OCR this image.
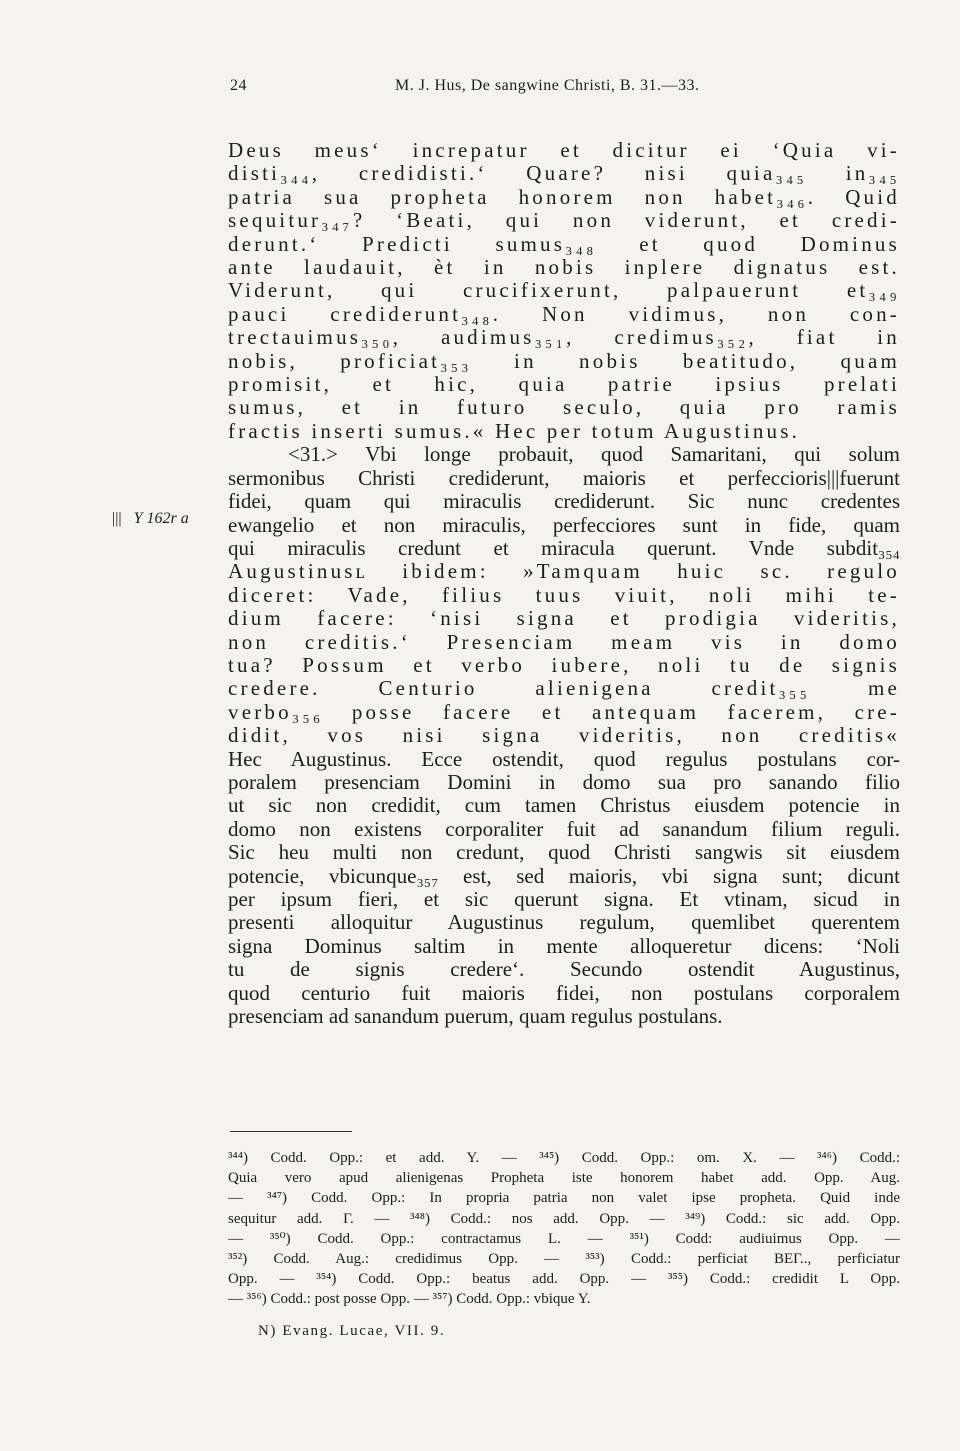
24	M. J. Hus, De sangwine Christi, B. 31.—33.
||| Y 162r a
Deus meus‘ increpatur et dicitur ei ‘Quia vi-
disti₃₄₄, credidisti.‘ Quare? nisi quia₃₄₅ in₃₄₅
patria sua propheta honorem non habet₃₄₆. Quid
sequitur₃₄₇? ‘Beati, qui non viderunt, et credi-
derunt.‘ Predicti sumus₃₄₈ et quod Dominus
ante laudauit, èt in nobis inplere dignatus est.
Viderunt, qui crucifixerunt, palpauerunt et₃₄₉
pauci crediderunt₃₄₈. Non vidimus, non con-
trectauimus₃₅₀, audimus₃₅₁, credimus₃₅₂, fiat in
nobis, proficiat₃₅₃ in nobis beatitudo, quam
promisit, et hic, quia patrie ipsius prelati
sumus, et in futuro seculo, quia pro ramis
fractis inserti sumus.« Hec per totum Augustinus.
<31.> Vbi longe probauit, quod Samaritani, qui solum
sermonibus Christi crediderunt, maioris et perfeccioris|||fuerunt
fidei, quam qui miraculis crediderunt. Sic nunc credentes
ewangelio et non miraculis, perfecciores sunt in fide, quam
qui miraculis credunt et miracula querunt. Vnde subdit₃₅₄
Augustinusʟ ibidem: »Tamquam huic sc. regulo
diceret: Vade, filius tuus viuit, noli mihi te-
dium facere: ‘nisi signa et prodigia videritis,
non creditis.‘ Presenciam meam vis in domo
tua? Possum et verbo iubere, noli tu de signis
credere. Centurio alienigena credit₃₅₅ me
verbo₃₅₆ posse facere et antequam facerem, cre-
didit, vos nisi signa videritis, non creditis«
Hec Augustinus. Ecce ostendit, quod regulus postulans cor-
poralem presenciam Domini in domo sua pro sanando filio
ut sic non credidit, cum tamen Christus eiusdem potencie in
domo non existens corporaliter fuit ad sanandum filium reguli.
Sic heu multi non credunt, quod Christi sangwis sit eiusdem
potencie, vbicunque₃₅₇ est, sed maioris, vbi signa sunt; dicunt
per ipsum fieri, et sic querunt signa. Et vtinam, sicud in
presenti alloquitur Augustinus regulum, quemlibet querentem
signa Dominus saltim in mente alloqueretur dicens: ‘Noli
tu de signis credere‘. Secundo ostendit Augustinus,
quod centurio fuit maioris fidei, non postulans corporalem
presenciam ad sanandum puerum, quam regulus postulans.
³⁴⁴) Codd. Opp.: et add. Y. — ³⁴⁵) Codd. Opp.: om. X. — ³⁴⁶) Codd.:
Quia vero apud alienigenas Propheta iste honorem habet add. Opp. Aug.
— ³⁴⁷) Codd. Opp.: In propria patria non valet ipse propheta. Quid inde
sequitur add. Γ. — ³⁴⁸) Codd.: nos add. Opp. — ³⁴⁹) Codd.: sic add. Opp.
— ³⁵⁰) Codd. Opp.: contractamus L. — ³⁵¹) Codd: audiuimus Opp. —
³⁵²) Codd. Aug.: credidimus Opp. — ³⁵³) Codd.: perficiat BEΓ.., perficiatur
Opp. — ³⁵⁴) Codd. Opp.: beatus add. Opp. — ³⁵⁵) Codd.: credidit L Opp.
— ³⁵⁶) Codd.: post posse Opp. — ³⁵⁷) Codd. Opp.: vbique Y.
N) Evang. Lucae, VII. 9.
